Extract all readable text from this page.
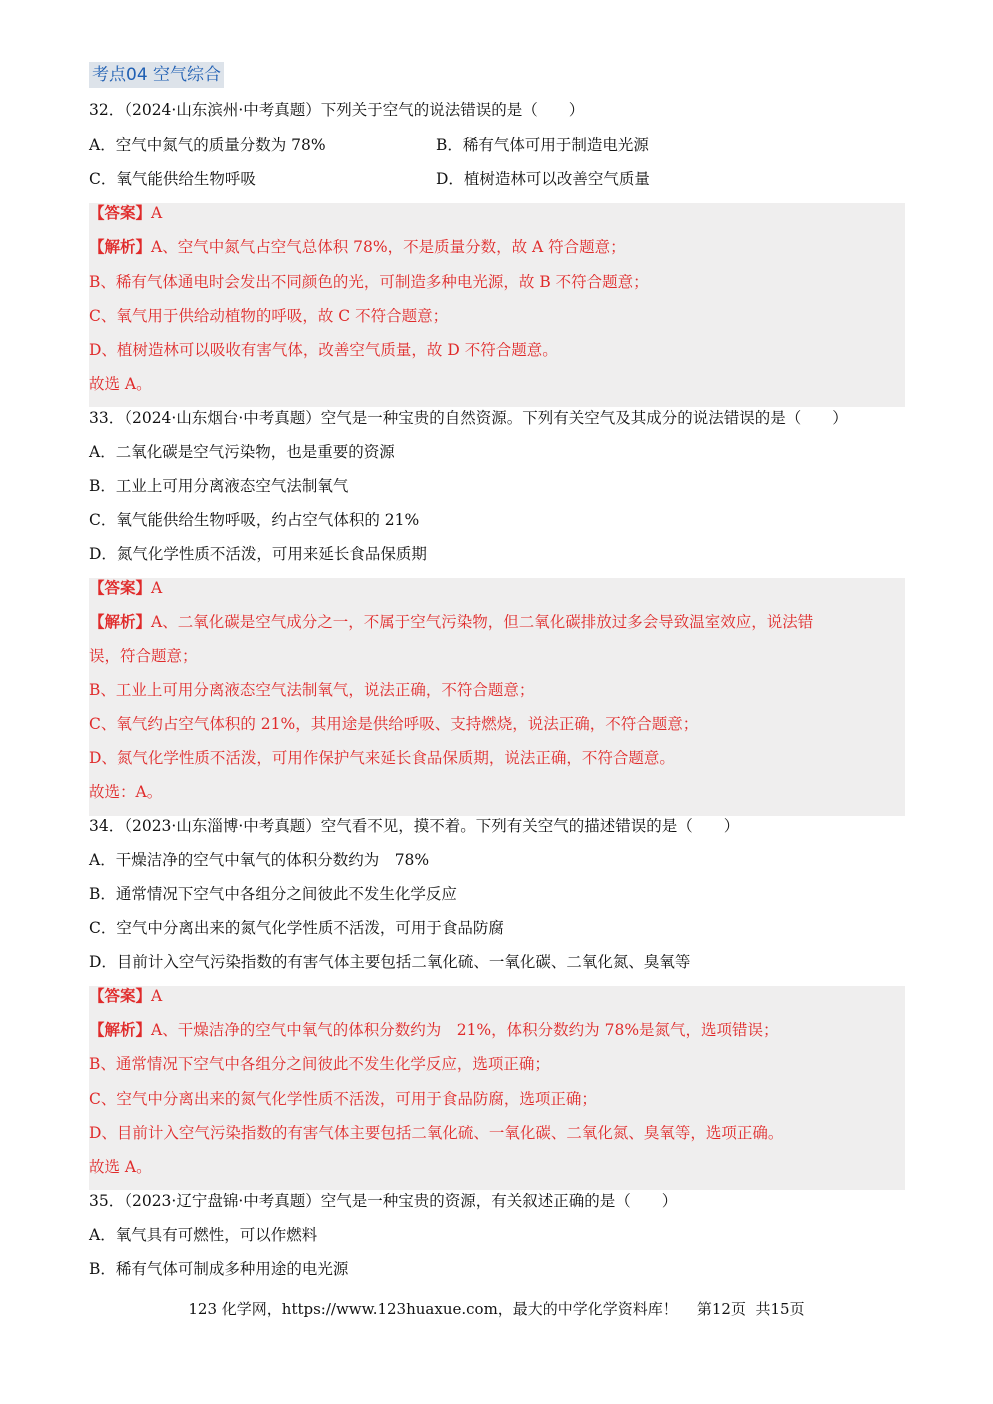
考点04 空气综合
32．（2024·山东滨州·中考真题）下列关于空气的说法错误的是（　　）
A．空气中氮气的质量分数为 78%	B．稀有气体可用于制造电光源
C．氧气能供给生物呼吸	D．植树造林可以改善空气质量
【答案】A
【解析】A、空气中氮气占空气总体积 78%，不是质量分数，故 A 符合题意；
B、稀有气体通电时会发出不同颜色的光，可制造多种电光源，故 B 不符合题意；
C、氧气用于供给动植物的呼吸，故 C 不符合题意；
D、植树造林可以吸收有害气体，改善空气质量，故 D 不符合题意。
故选 A。
33．（2024·山东烟台·中考真题）空气是一种宝贵的自然资源。下列有关空气及其成分的说法错误的是（　　）
A．二氧化碳是空气污染物，也是重要的资源
B．工业上可用分离液态空气法制氧气
C．氧气能供给生物呼吸，约占空气体积的 21%
D．氮气化学性质不活泼，可用来延长食品保质期
【答案】A
【解析】A、二氧化碳是空气成分之一，不属于空气污染物，但二氧化碳排放过多会导致温室效应，说法错
误，符合题意；
B、工业上可用分离液态空气法制氧气，说法正确，不符合题意；
C、氧气约占空气体积的 21%，其用途是供给呼吸、支持燃烧，说法正确，不符合题意；
D、氮气化学性质不活泼，可用作保护气来延长食品保质期，说法正确，不符合题意。
故选：A。
34．（2023·山东淄博·中考真题）空气看不见，摸不着。下列有关空气的描述错误的是（　　）
A．干燥洁净的空气中氧气的体积分数约为　78%
B．通常情况下空气中各组分之间彼此不发生化学反应
C．空气中分离出来的氮气化学性质不活泼，可用于食品防腐
D．目前计入空气污染指数的有害气体主要包括二氧化硫、一氧化碳、二氧化氮、臭氧等
【答案】A
【解析】A、干燥洁净的空气中氧气的体积分数约为　21%，体积分数约为 78%是氮气，选项错误；
B、通常情况下空气中各组分之间彼此不发生化学反应，选项正确；
C、空气中分离出来的氮气化学性质不活泼，可用于食品防腐，选项正确；
D、目前计入空气污染指数的有害气体主要包括二氧化硫、一氧化碳、二氧化氮、臭氧等，选项正确。
故选 A。
35．（2023·辽宁盘锦·中考真题）空气是一种宝贵的资源，有关叙述正确的是（　　）
A．氧气具有可燃性，可以作燃料
B．稀有气体可制成多种用途的电光源
123 化学网，https://www.123huaxue.com，最大的中学化学资料库！ 第12页  共15页
